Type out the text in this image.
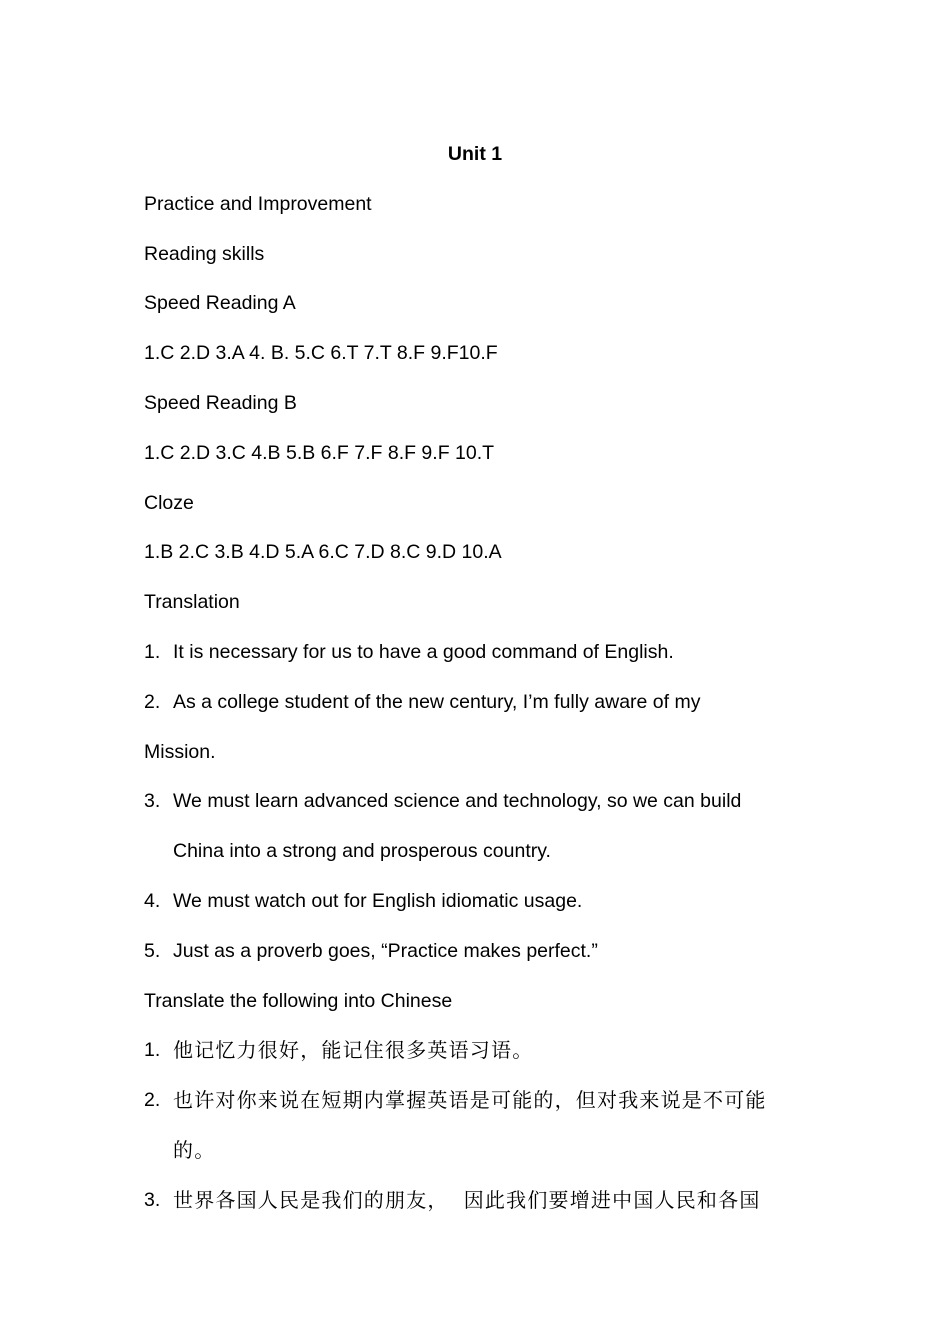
Unit 1

Practice and Improvement

Reading skills

Speed Reading A

1.C 2.D 3.A 4. B. 5.C 6.T 7.T 8.F 9.F10.F

Speed Reading B

1.C 2.D 3.C 4.B 5.B 6.F 7.F 8.F 9.F 10.T

Cloze

1.B 2.C 3.B 4.D 5.A 6.C 7.D 8.C 9.D 10.A

Translation

1. It is necessary for us to have a good command of English.
2. As a college student of the new century, I’m fully aware of my

Mission.

3. We must learn advanced science and technology, so we can build
China into a strong and prosperous country.
4. We must watch out for English idiomatic usage.
5. Just as a proverb goes, “Practice makes perfect.”

Translate the following into Chinese

1. 他记忆力很好，能记住很多英语习语。
2. 也许对你来说在短期内掌握英语是可能的，但对我来说是不可能
的。
3. 世界各国人民是我们的朋友，  因此我们要增进中国人民和各国
